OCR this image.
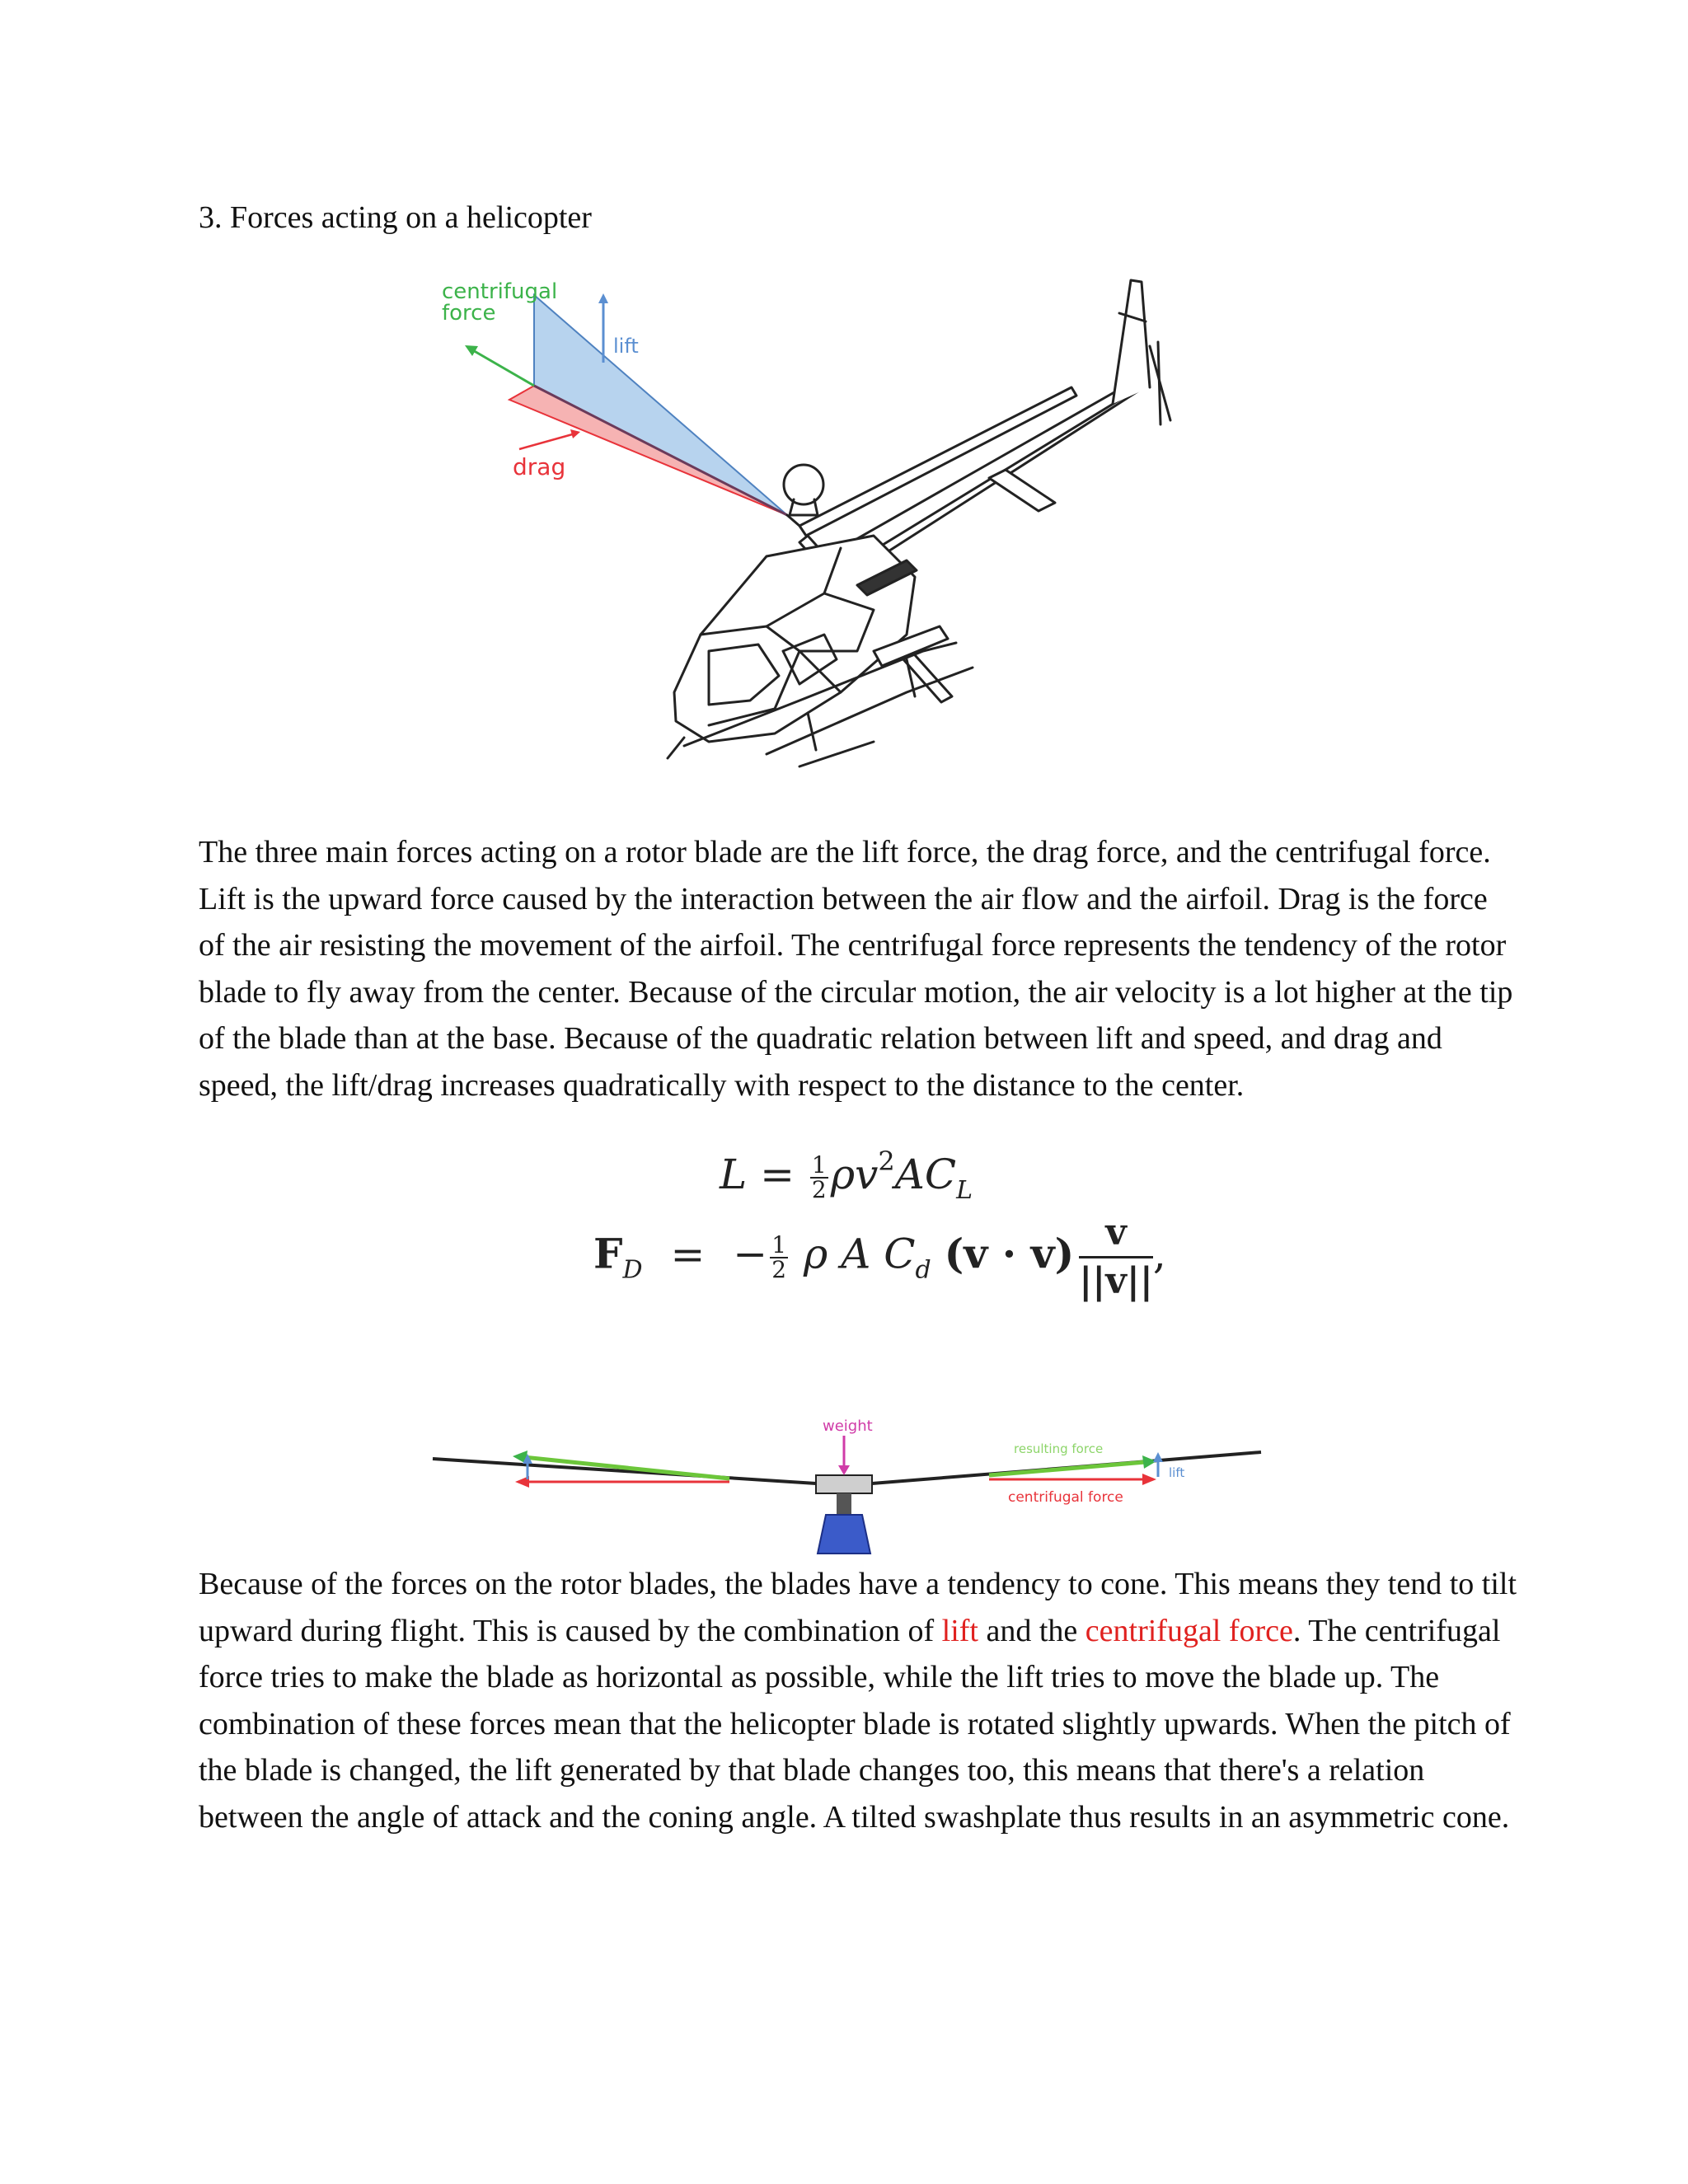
3. Forces acting on a helicopter
centrifugal
force
lift
drag
The three main forces acting on a rotor blade are the lift force, the drag force, and the centrifugal force. Lift is the upward force caused by the interaction between the air flow and the airfoil. Drag is the force of the air resisting the movement of the airfoil. The centrifugal force represents the tendency of the rotor blade to fly away from the center. Because of the circular motion, the air velocity is a lot higher at the tip of the blade than at the base. Because of the quadratic relation between lift and speed, and drag and speed, the lift/drag increases quadratically with respect to the distance to the center.
$L = \frac{1}{2} \rho v^2AC_L$
$F_D$ = − $\frac{1}{2}$ ρ A $C_d$ $(v \cdot v) \frac{v}{||v||}$ ,
weight
resulting force
lift
centrifugal force
Because of the forces on the rotor blades, the blades have a tendency to cone. This means they tend to tilt upward during flight. This is caused by the combination of lift and the centrifugal force. The centrifugal force tries to make the blade as horizontal as possible, while the lift tries to move the blade up. The combination of these forces mean that the helicopter blade is rotated slightly upwards. When the pitch of the blade is changed, the lift generated by that blade changes too, this means that there's a relation between the angle of attack and the coning angle. A tilted swashplate thus results in an asymmetric cone.
